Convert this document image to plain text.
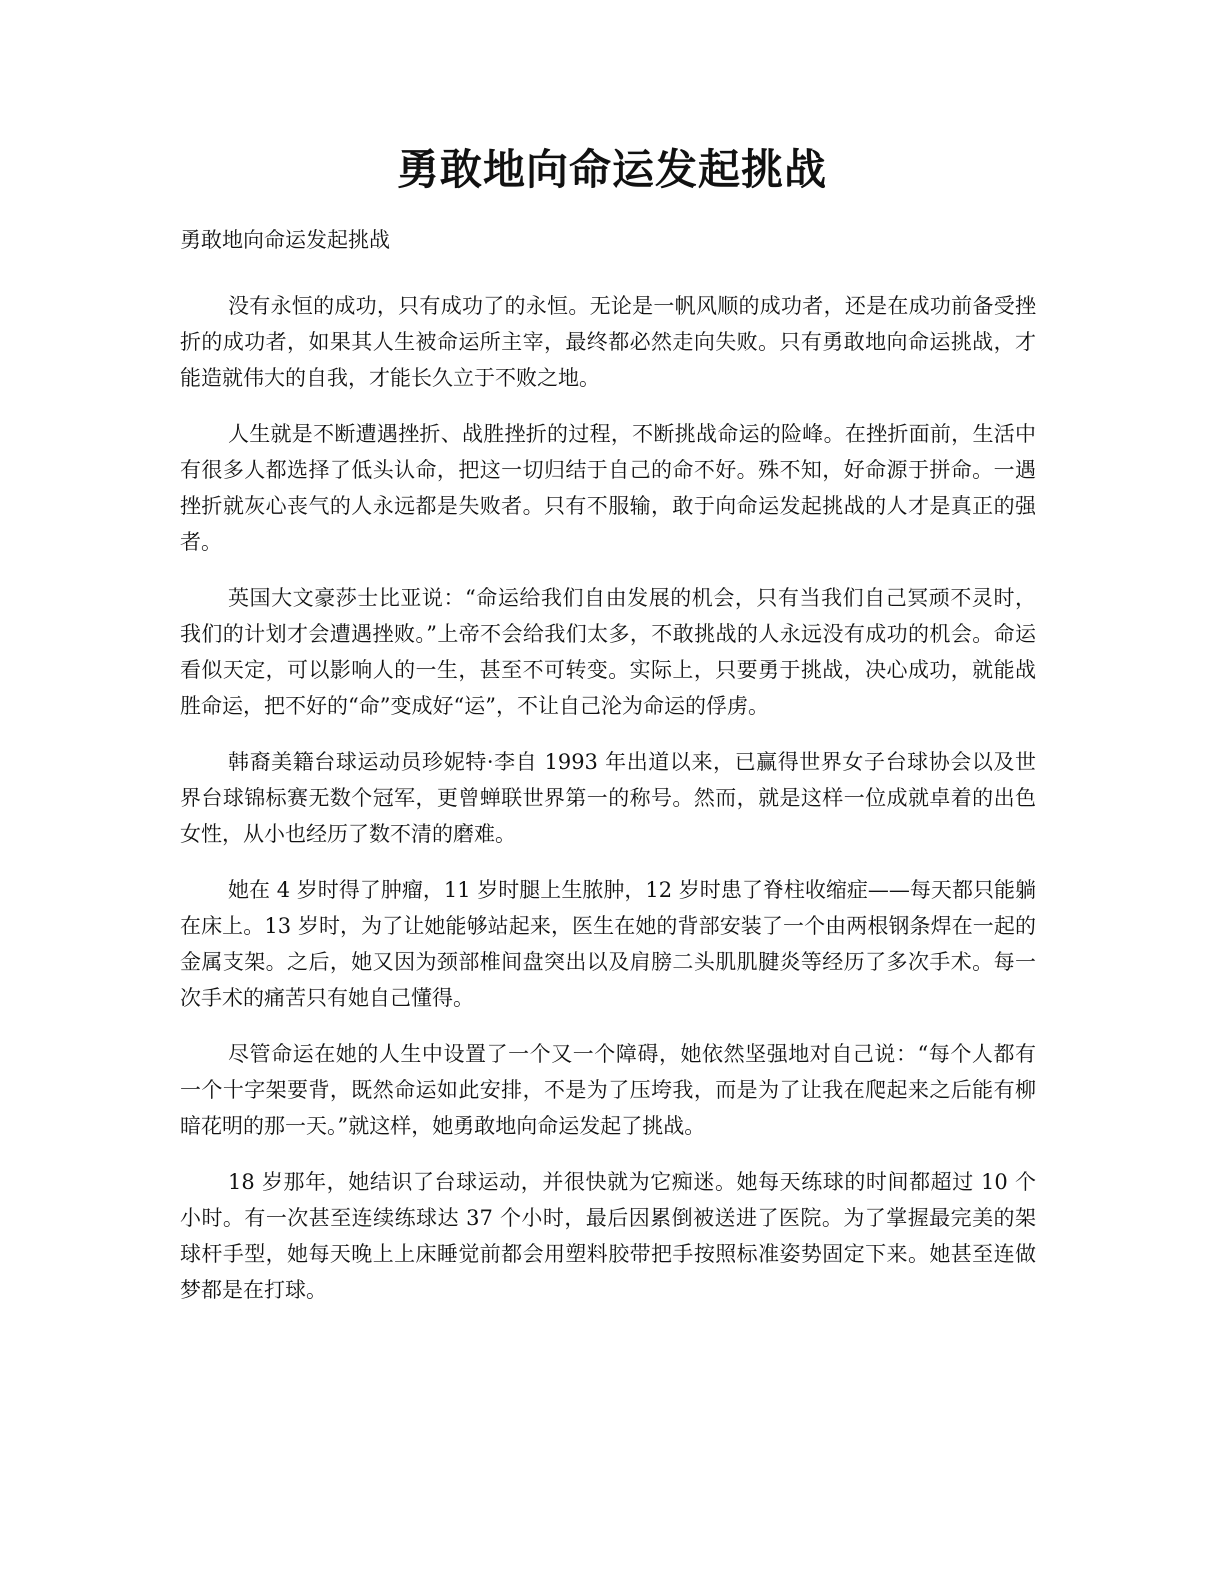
勇敢地向命运发起挑战

勇敢地向命运发起挑战

没有永恒的成功，只有成功了的永恒。无论是一帆风顺的成功者，还是在成功前备受挫折的成功者，如果其人生被命运所主宰，最终都必然走向失败。只有勇敢地向命运挑战，才能造就伟大的自我，才能长久立于不败之地。

人生就是不断遭遇挫折、战胜挫折的过程，不断挑战命运的险峰。在挫折面前，生活中有很多人都选择了低头认命，把这一切归结于自己的命不好。殊不知，好命源于拼命。一遇挫折就灰心丧气的人永远都是失败者。只有不服输，敢于向命运发起挑战的人才是真正的强者。

英国大文豪莎士比亚说：“命运给我们自由发展的机会，只有当我们自己冥顽不灵时，我们的计划才会遭遇挫败。”上帝不会给我们太多，不敢挑战的人永远没有成功的机会。命运看似天定，可以影响人的一生，甚至不可转变。实际上，只要勇于挑战，决心成功，就能战胜命运，把不好的“命”变成好“运”，不让自己沦为命运的俘虏。

韩裔美籍台球运动员珍妮特·李自 1993 年出道以来，已赢得世界女子台球协会以及世界台球锦标赛无数个冠军，更曾蝉联世界第一的称号。然而，就是这样一位成就卓着的出色女性，从小也经历了数不清的磨难。

她在 4 岁时得了肿瘤，11 岁时腿上生脓肿，12 岁时患了脊柱收缩症——每天都只能躺在床上。13 岁时，为了让她能够站起来，医生在她的背部安装了一个由两根钢条焊在一起的金属支架。之后，她又因为颈部椎间盘突出以及肩膀二头肌肌腱炎等经历了多次手术。每一次手术的痛苦只有她自己懂得。

尽管命运在她的人生中设置了一个又一个障碍，她依然坚强地对自己说：“每个人都有一个十字架要背，既然命运如此安排，不是为了压垮我，而是为了让我在爬起来之后能有柳暗花明的那一天。”就这样，她勇敢地向命运发起了挑战。

18 岁那年，她结识了台球运动，并很快就为它痴迷。她每天练球的时间都超过 10 个小时。有一次甚至连续练球达 37 个小时，最后因累倒被送进了医院。为了掌握最完美的架球杆手型，她每天晚上上床睡觉前都会用塑料胶带把手按照标准姿势固定下来。她甚至连做梦都是在打球。
